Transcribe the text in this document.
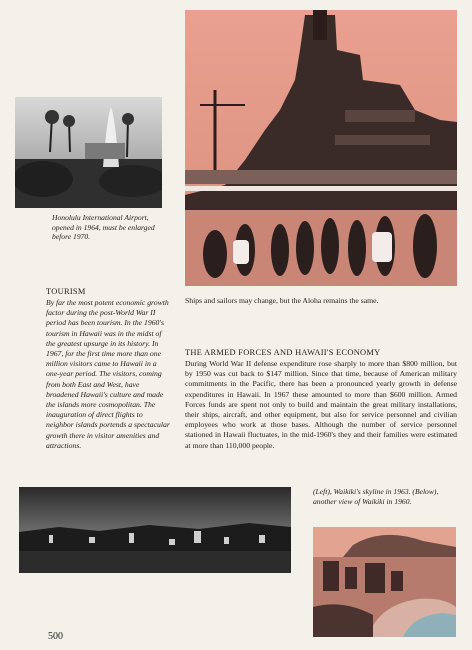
Honolulu International Airport, opened in 1964, must be enlarged before 1970.
Ships and sailors may change, but the Aloha remains the same.
TOURISM
By far the most potent economic growth factor during the post-World War II period has been tourism. In the 1960's tourism in Hawaii was in the midst of the greatest upsurge in its history. In 1967, for the first time more than one million visitors came to Hawaii in a one-year period. The visitors, coming from both East and West, have broadened Hawaii's culture and made the islands more cosmopolitan. The inauguration of direct flights to neighbor islands portends a spectacular growth there in visitor amenities and attractions.
THE ARMED FORCES AND HAWAII'S ECONOMY
During World War II defense expenditure rose sharply to more than $800 million, but by 1950 was cut back to $147 million. Since that time, because of American military commitments in the Pacific, there has been a pronounced yearly growth in defense expenditures in Hawaii. In 1967 these amounted to more than $600 million. Armed Forces funds are spent not only to build and maintain the great military installations, their ships, aircraft, and other equipment, but also for service personnel and civilian employees who work at those bases. Although the number of service personnel stationed in Hawaii fluctuates, in the mid-1960's they and their families were estimated at more than 110,000 people.
(Left), Waikiki's skyline in 1963. (Below), another view of Waikiki in 1960.
500
